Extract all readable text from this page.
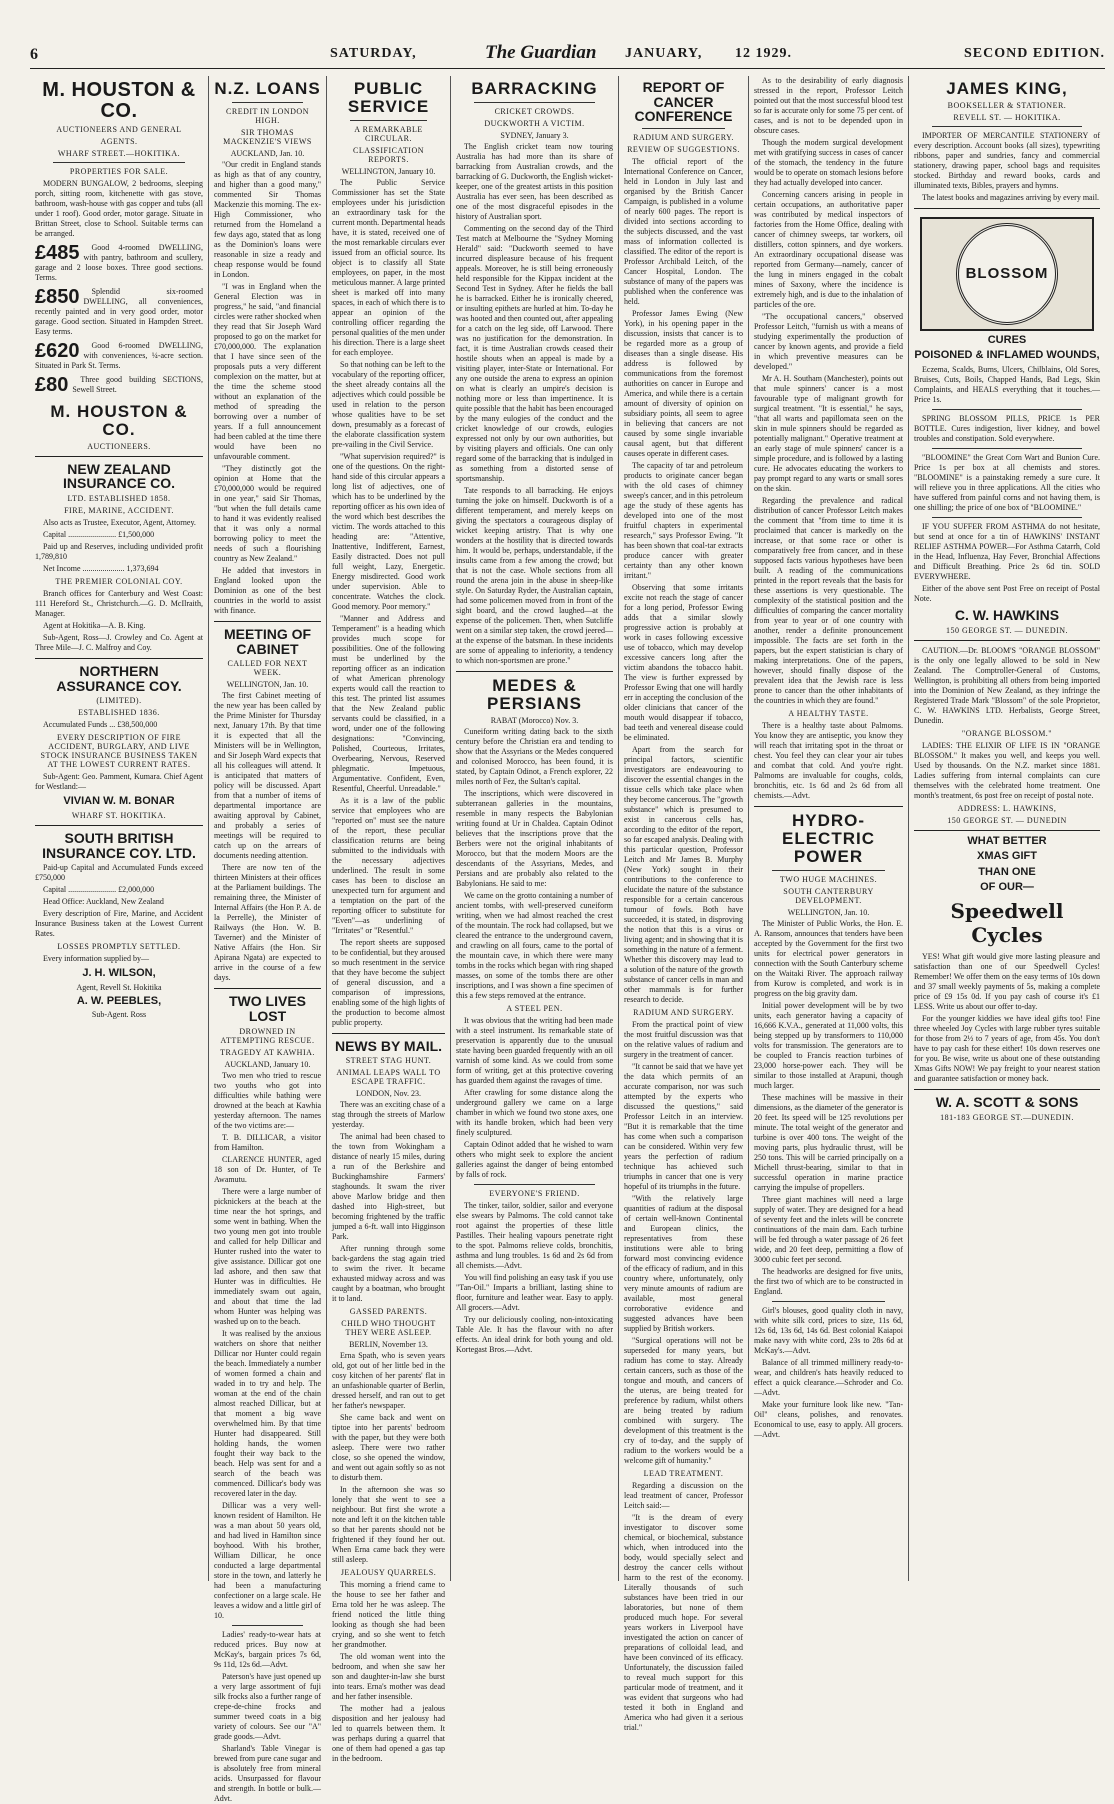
6	SATURDAY,	The Guardian JANUARY, 12 1929.	SECOND EDITION.
M. HOUSTON & CO.
AUCTIONEERS AND GENERAL
AGENTS.
WHARF STREET.—HOKITIKA.
PROPERTIES FOR SALE.

MODERN BUNGALOW, 2 bedrooms, sleeping porch, sitting room, kitchenette with gas stove, bathroom, wash-house with gas copper and tubs (all under 1 roof). Good order, motor garage. Situate in Brittan Street, close to School. Suitable terms can be arranged.

£485	Good 4-roomed DWELLING, with pantry, bathroom and scullery, garage and 2 loose boxes. Three good sections. Terms.

£850	Splendid six-roomed DWELLING, all conveniences, recently painted and in very good order, motor garage. Good section. Situated in Hampden Street. Easy terms.

£620	Good 6-roomed DWELLING, with conveniences, ¼-acre section. Situated in Park St. Terms.

£80	Three good building SECTIONS, Sewell Street.

M. HOUSTON & CO.
AUCTIONEERS.
NEW ZEALAND INSURANCE CO.
LTD. ESTABLISHED 1858.
FIRE, MARINE, ACCIDENT.

Also acts as Trustee, Executor, Agent, Attorney.

Capital ........................ £1,500,000

Paid up and Reserves, including undivided profit 1,789,810

Net Income ..................... 1,373,694

THE PREMIER COLONIAL COY.

Branch offices for Canterbury and West Coast: 111 Hereford St., Christchurch.—G. D. McIlraith, Manager.

Agent at Hokitika—A. B. King.

Sub-Agent, Ross—J. Crowley and Co. Agent at Three Mile—J. C. Malfroy and Coy.

NORTHERN ASSURANCE COY.
(LIMITED).
ESTABLISHED 1836.

Accumulated Funds ... £38,500,000

EVERY DESCRIPTION OF FIRE ACCIDENT, BURGLARY, AND LIVE STOCK INSURANCE BUSINESS TAKEN AT THE LOWEST CURRENT RATES.

Sub-Agent: Geo. Pamment, Kumara. Chief Agent for Westland:—

VIVIAN W. M. BONAR
WHARF ST. HOKITIKA.
SOUTH BRITISH INSURANCE COY. LTD.

Paid-up Capital and Accumulated Funds exceed £750,000

Capital ........................ £2,000,000

Head Office: Auckland, New Zealand

Every description of Fire, Marine, and Accident Insurance Business taken at the Lowest Current Rates.

LOSSES PROMPTLY SETTLED.

Every information supplied by—

J. H. WILSON,
Agent, Revell St. Hokitika
A. W. PEEBLES,
Sub-Agent. Ross
N.Z. LOANS
CREDIT IN LONDON HIGH.
SIR THOMAS MACKENZIE'S VIEWS
AUCKLAND, Jan. 10.

"Our credit in England stands as high as that of any country, and higher than a good many," commented Sir Thomas Mackenzie this morning. The ex-High Commissioner, who returned from the Homeland a few days ago, stated that as long as the Dominion's loans were reasonable in size a ready and cheap response would be found in London.

"I was in England when the General Election was in progress," he said, "and financial circles were rather shocked when they read that Sir Joseph Ward proposed to go on the market for £70,000,000. The explanation that I have since seen of the proposals puts a very different complexion on the matter, but at the time the scheme stood without an explanation of the method of spreading the borrowing over a number of years. If a full announcement had been cabled at the time there would have been no unfavourable comment.

"They distinctly got the opinion at Home that the £70,000,000 would be required in one year," said Sir Thomas, "but when the full details came to hand it was evidently realised that it was only a normal borrowing policy to meet the needs of such a flourishing country as New Zealand."

He added that investors in England looked upon the Dominion as one of the best countries in the world to assist with finance.

MEETING OF CABINET
CALLED FOR NEXT WEEK.
WELLINGTON, Jan. 10.

The first Cabinet meeting of the new year has been called by the Prime Minister for Thursday next, January 17th. By that time it is expected that all the Ministers will be in Wellington, and Sir Joseph Ward expects that all his colleagues will attend. It is anticipated that matters of policy will be discussed. Apart from that a number of items of departmental importance are awaiting approval by Cabinet, and probably a series of meetings will be required to catch up on the arrears of documents needing attention.

There are now ten of the thirteen Ministers at their offices at the Parliament buildings. The remaining three, the Minister of Internal Affairs (the Hon P. A. de la Perrelle), the Minister of Railways (the Hon. W. B. Taverner) and the Minister of Native Affairs (the Hon. Sir Apirana Ngata) are expected to arrive in the course of a few days.

TWO LIVES LOST
DROWNED IN ATTEMPTING RESCUE.
TRAGEDY AT KAWHIA.
AUCKLAND, January 10.

Two men who tried to rescue two youths who got into difficulties while bathing were drowned at the beach at Kawhia yesterday afternoon. The names of the two victims are:—

T. B. DILLICAR, a visitor from Hamilton.

CLARENCE HUNTER, aged 18 son of Dr. Hunter, of Te Awamutu.

There were a large number of picknickers at the beach at the time near the hot springs, and some went in bathing. When the two young men got into trouble and called for help Dillicar and Hunter rushed into the water to give assistance. Dillicar got one lad ashore, and then saw that Hunter was in difficulties. He immediately swam out again, and about that time the lad whom Hunter was helping was washed up on to the beach.

It was realised by the anxious watchers on shore that neither Dillicar nor Hunter could regain the beach. Immediately a number of women formed a chain and waded in to try and help. The woman at the end of the chain almost reached Dillicar, but at that moment a big wave overwhelmed him. By that time Hunter had disappeared. Still holding hands, the women fought their way back to the beach. Help was sent for and a search of the beach was commenced. Dillicar's body was recovered later in the day.

Dillicar was a very well-known resident of Hamilton. He was a man about 50 years old, and had lived in Hamilton since boyhood. With his brother, William Dillicar, he once conducted a large departmental store in the town, and latterly he had been a manufacturing confectioner on a large scale. He leaves a widow and a little girl of 10.

Ladies' ready-to-wear hats at reduced prices. Buy now at McKay's, bargain prices 7s 6d, 9s 11d, 12s 6d.—Advt.

Paterson's have just opened up a very large assortment of fuji silk frocks also a further range of crepe-de-chine frocks and summer tweed coats in a big variety of colours. See our "A" grade goods.—Advt.

Sharland's Table Vinegar is brewed from pure cane sugar and is absolutely free from mineral acids. Unsurpassed for flavour and strength. In bottle or bulk.—Advt.

PUBLIC SERVICE
A REMARKABLE CIRCULAR.
CLASSIFICATION REPORTS.
WELLINGTON, January 10.

The Public Service Commissioner has set the State employees under his jurisdiction an extraordinary task for the current month. Departmental heads have, it is stated, received one of the most remarkable circulars ever issued from an official source. Its object is to classify all State employees, on paper, in the most meticulous manner. A large printed sheet is marked off into many spaces, in each of which there is to appear an opinion of the controlling officer regarding the personal qualities of the men under his direction. There is a large sheet for each employee.

So that nothing can be left to the vocabulary of the reporting officer, the sheet already contains all the adjectives which could possible be used in relation to the person whose qualities have to be set down, presumably as a forecast of the elaborate classification system pre-vailing in the Civil Service.

"What supervision required?" is one of the questions. On the right-hand side of this circular appears a long list of adjectives, one of which has to be underlined by the reporting officer as his own idea of the word which best describes the victim. The words attached to this heading are: "Attentive, Inattentive, Indifferent, Earnest, Easily distracted. Does not pull full weight, Lazy, Energetic. Energy misdirected. Good work under supervision. Able to concentrate. Watches the clock. Good memory. Poor memory."

"Manner and Address and Temperament" is a heading which provides much scope for possibilities. One of the following must be underlined by the reporting officer as an indication of what American phrenology experts would call the reaction to this test. The printed list assumes that the New Zealand public servants could be classified, in a word, under one of the following designations: "Convincing, Polished, Courteous, Irritates, Overbearing, Nervous, Reserved phlegmatic. Impetuous, Argumentative. Confident, Even, Resentful, Cheerful. Unreadable."

As it is a law of the public service that employees who are "reported on" must see the nature of the report, these peculiar classification returns are being submitted to the individuals with the necessary adjectives underlined. The result in some cases has been to disclose an unexpected turn for argument and a temptation on the part of the reporting officer to substitute for "Even"—as underlining of "Irritates" or "Resentful."

The report sheets are supposed to be confidential, but they aroused so much resentment in the service that they have become the subject of general discussion, and a comparison of impressions, enabling some of the high lights of the production to become almost public property.

NEWS BY MAIL.
STREET STAG HUNT.
ANIMAL LEAPS WALL TO ESCAPE TRAFFIC.
LONDON, Nov. 23.

There was an exciting chase of a stag through the streets of Marlow yesterday.

The animal had been chased to the town from Wokingham a distance of nearly 15 miles, during a run of the Berkshire and Buckinghamshire Farmers' staghounds. It swam the river above Marlow bridge and then dashed into High-street, but becoming frightened by the traffic jumped a 6-ft. wall into Higginson Park.

After running through some back-gardens the stag again tried to swim the river. It became exhausted midway across and was caught by a boatman, who brought it to land.

GASSED PARENTS.
CHILD WHO THOUGHT THEY WERE ASLEEP.
BERLIN, November 13.

Erna Spath, who is seven years old, got out of her little bed in the cosy kitchen of her parents' flat in an unfashionable quarter of Berlin, dressed herself, and ran out to get her father's newspaper.

She came back and went on tiptoe into her parents' bedroom with the paper, but they were both asleep. There were two rather close, so she opened the window, and went out again softly so as not to disturb them.

In the afternoon she was so lonely that she went to see a neighbour. But first she wrote a note and left it on the kitchen table so that her parents should not be frightened if they found her out. When Erna came back they were still asleep.

JEALOUSY QUARRELS.

This morning a friend came to the house to see her father and Erna told her he was asleep. The friend noticed the little thing looking as though she had been crying, and so she went to fetch her grandmother.

The old woman went into the bedroom, and when she saw her son and daughter-in-law she burst into tears. Erna's mother was dead and her father insensible.

The mother had a jealous disposition and her jealousy had led to quarrels between them. It was perhaps during a quarrel that one of them had opened a gas tap in the bedroom.

BARRACKING
CRICKET CROWDS.
DUCKWORTH A VICTIM.
SYDNEY, January 3.

The English cricket team now touring Australia has had more than its share of barracking from Australian crowds, and the barracking of G. Duckworth, the English wicket-keeper, one of the greatest artists in this position Australia has ever seen, has been described as one of the most disgraceful episodes in the history of Australian sport.

Commenting on the second day of the Third Test match at Melbourne the "Sydney Morning Herald" said: "Duckworth seemed to have incurred displeasure because of his frequent appeals. Moreover, he is still being erroneously held responsible for the Kippax incident at the Second Test in Sydney. After he fields the ball he is barracked. Either he is ironically cheered, or insulting epithets are hurled at him. To-day he was hooted and then counted out, after appealing for a catch on the leg side, off Larwood. There was no justification for the demonstration. In fact, it is time Australian crowds ceased their hostile shouts when an appeal is made by a visiting player, inter-State or International. For any one outside the arena to express an opinion on what is clearly an umpire's decision is nothing more or less than impertinence. It is quite possible that the habit has been encouraged by the many eulogies of the conduct and the cricket knowledge of our crowds, eulogies expressed not only by our own authorities, but by visiting players and officials. One can only regard some of the barracking that is indulged in as something from a distorted sense of sportsmanship.

Tate responds to all barracking. He enjoys turning the joke on himself. Duckworth is of a different temperament, and merely keeps on giving the spectators a courageous display of wicket keeping artistry. That is why one wonders at the hostility that is directed towards him. It would be, perhaps, understandable, if the insults came from a few among the crowd; but that is not the case. Whole sections from all round the arena join in the abuse in sheep-like style. On Saturday Ryder, the Australian captain, had some policemen moved from in front of the sight board, and the crowd laughed—at the expense of the policemen. Then, when Sutcliffe went on a similar step taken, the crowd jeered—at the expense of the batsman. In these incidents are some of appealing to inferiority, a tendency to which non-sportsmen are prone."

MEDES & PERSIANS
RABAT (Morocco) Nov. 3.

Cuneiform writing dating back to the sixth century before the Christian era and tending to show that the Assyrians or the Medes conquered and colonised Morocco, has been found, it is stated, by Captain Odinot, a French explorer, 22 miles north of Fez, the Sultan's capital.

The inscriptions, which were discovered in subterranean galleries in the mountains, resemble in many respects the Babylonian writing found at Ur in Chaldea. Captain Odinot believes that the inscriptions prove that the Berbers were not the original inhabitants of Morocco, but that the modern Moors are the descendants of the Assyrians, Medes, and Persians and are probably also related to the Babylonians. He said to me:

We came on the grotto containing a number of ancient tombs, with well-preserved cuneiform writing, when we had almost reached the crest of the mountain. The rock had collapsed, but we cleared the entrance to the underground cavern, and crawling on all fours, came to the portal of the mountain cave, in which there were many tombs in the rocks which began with ring shaped masses, on some of the tombs there are other inscriptions, and I was shown a fine specimen of this a few steps removed at the entrance.

A STEEL PEN.

It was obvious that the writing had been made with a steel instrument. Its remarkable state of preservation is apparently due to the unusual state having been guarded frequently with an oil varnish of some kind. As we could from some form of writing, get at this protective covering has guarded them against the ravages of time.

After crawling for some distance along the underground gallery we came on a large chamber in which we found two stone axes, one with its handle broken, which had been very finely sculptured.

Captain Odinot added that he wished to warn others who might seek to explore the ancient galleries against the danger of being entombed by falls of rock.

EVERYONE'S FRIEND.

The tinker, tailor, soldier, sailor and everyone else swears by Palmoms. The cold cannot take root against the properties of these little Pastilles. Their healing vapours penetrate right to the spot. Palmoms relieve colds, bronchitis, asthma and lung troubles. 1s 6d and 2s 6d from all chemists.—Advt.

You will find polishing an easy task if you use "Tan-Oil." Imparts a brilliant, lasting shine to floor, furniture and leather wear. Easy to apply. All grocers.—Advt.

Try our deliciously cooling, non-intoxicating Table Ale. It has the flavour with no after effects. An ideal drink for both young and old. Kortegast Bros.—Advt.

REPORT OF CANCER CONFERENCE
RADIUM AND SURGERY.
REVIEW OF SUGGESTIONS.

The official report of the International Conference on Cancer, held in London in July last and organised by the British Cancer Campaign, is published in a volume of nearly 600 pages. The report is divided into sections according to the subjects discussed, and the vast mass of information collected is classified. The editor of the report is Professor Archibald Leitch, of the Cancer Hospital, London. The substance of many of the papers was published when the conference was held.

Professor James Ewing (New York), in his opening paper in the discussion, insists that cancer is to be regarded more as a group of diseases than a single disease. His address is followed by communications from the foremost authorities on cancer in Europe and America, and while there is a certain amount of diversity of opinion on subsidiary points, all seem to agree in believing that cancers are not caused by some single invariable causal agent, but that different causes operate in different cases.

The capacity of tar and petroleum products to originate cancer began with the old cases of chimney sweep's cancer, and in this petroleum age the study of these agents has developed into one of the most fruitful chapters in experimental research," says Professor Ewing. "It has been shown that coal-tar extracts produce cancer with greater certainty than any other known irritant."

Observing that some irritants excite not reach the stage of cancer for a long period, Professor Ewing adds that a similar slowly progressive action is probably at work in cases following excessive use of tobacco, which may develop excessive cancers long after the victim abandons the tobacco habit. The view is further expressed by Professor Ewing that one will hardly err in accepting the conclusion of the older clinicians that cancer of the mouth would disappear if tobacco, bad teeth and venereal disease could be eliminated.

Apart from the search for principal factors, scientific investigators are endeavouring to discover the essential changes in the tissue cells which take place when they become cancerous. The "growth substance" which is presumed to exist in cancerous cells has, according to the editor of the report, so far escaped analysis. Dealing with this particular question, Professor Leitch and Mr James B. Murphy (New York) sought in their contributions to the conference to elucidate the nature of the substance responsible for a certain cancerous tumour of fowls. Both have succeeded, it is stated, in disproving the notion that this is a virus or living agent; and in showing that it is something in the nature of a ferment. Whether this discovery may lead to a solution of the nature of the growth substance of cancer cells in man and other mammals is for further research to decide.

RADIUM AND SURGERY.

From the practical point of view the most fruitful discussion was that on the relative values of radium and surgery in the treatment of cancer.

"It cannot be said that we have yet the data which permits of an accurate comparison, nor was such attempted by the experts who discussed the questions," said Professor Leitch in an interview. "But it is remarkable that the time has come when such a comparison can be considered. Within very few years the perfection of radium technique has achieved such triumphs in cancer that one is very hopeful of its triumphs in the future.

"With the relatively large quantities of radium at the disposal of certain well-known Continental and European clinics, the representatives from these institutions were able to bring forward most convincing evidence of the efficacy of radium, and in this country where, unfortunately, only very minute amounts of radium are available, most general corroborative evidence and suggested advances have been supplied by British workers.

"Surgical operations will not be superseded for many years, but radium has come to stay. Already certain cancers, such as those of the tongue and mouth, and cancers of the uterus, are being treated for preference by radium, whilst others are being treated by radium combined with surgery. The development of this treatment is the cry of to-day, and the supply of radium to the workers would be a welcome gift of humanity."

LEAD TREATMENT.

Regarding a discussion on the lead treatment of cancer, Professor Leitch said:—

"It is the dream of every investigator to discover some chemical, or biochemical, substance which, when introduced into the body, would specially select and destroy the cancer cells without harm to the rest of the economy. Literally thousands of such substances have been tried in our laboratories, but none of them produced much hope. For several years workers in Liverpool have investigated the action on cancer of preparations of colloidal lead, and have been convinced of its efficacy. Unfortunately, the discussion failed to reveal much support for this particular mode of treatment, and it was evident that surgeons who had tested it both in England and America who had given it a serious trial."

As to the desirability of early diagnosis stressed in the report, Professor Leitch pointed out that the most successful blood test so far is accurate only for some 75 per cent. of cases, and is not to be depended upon in obscure cases.

Though the modern surgical development met with gratifying success in cases of cancer of the stomach, the tendency in the future would be to operate on stomach lesions before they had actually developed into cancer.

Concerning cancers arising in people in certain occupations, an authoritative paper was contributed by medical inspectors of factories from the Home Office, dealing with cancer of chimney sweeps, tar workers, oil distillers, cotton spinners, and dye workers. An extraordinary occupational disease was reported from Germany—namely, cancer of the lung in miners engaged in the cobalt mines of Saxony, where the incidence is extremely high, and is due to the inhalation of particles of the ore.

"The occupational cancers," observed Professor Leitch, "furnish us with a means of studying experimentally the production of cancer by known agents, and provide a field in which preventive measures can be developed."

Mr A. H. Southam (Manchester), points out that mule spinners' cancer is a most favourable type of malignant growth for surgical treatment. "It is essential," he says, "that all warts and papillomata seen on the skin in mule spinners should be regarded as potentially malignant." Operative treatment at an early stage of mule spinners' cancer is a simple procedure, and is followed by a lasting cure. He advocates educating the workers to pay prompt regard to any warts or small sores on the skin.

Regarding the prevalence and radical distribution of cancer Professor Leitch makes the comment that "from time to time it is proclaimed that cancer is markedly on the increase, or that some race or other is comparatively free from cancer, and in these supposed facts various hypotheses have been built. A reading of the communications printed in the report reveals that the basis for these assertions is very questionable. The complexity of the statistical position and the difficulties of comparing the cancer mortality from year to year or of one country with another, render a definite pronouncement impossible. The facts are set forth in the papers, but the expert statistician is chary of making interpretations. One of the papers, however, should finally dispose of the prevalent idea that the Jewish race is less prone to cancer than the other inhabitants of the countries in which they are found."

A HEALTHY TASTE.

There is a healthy taste about Palmoms. You know they are antiseptic, you know they will reach that irritating spot in the throat or chest. You feel they can clear your air tubes and combat that cold. And you're right. Palmoms are invaluable for coughs, colds, bronchitis, etc. 1s 6d and 2s 6d from all chemists.—Advt.

HYDRO-ELECTRIC POWER
TWO HUGE MACHINES.
SOUTH CANTERBURY DEVELOPMENT.
WELLINGTON, Jan. 10.

The Minister of Public Works, the Hon. E. A. Ransom, announces that tenders have been accepted by the Government for the first two units for electrical power generators in connection with the South Canterbury scheme on the Waitaki River. The approach railway from Kurow is completed, and work is in progress on the big gravity dam.

Initial power development will be by two units, each generator having a capacity of 16,666 K.V.A., generated at 11,000 volts, this being stepped up by transformers to 110,000 volts for transmission. The generators are to be coupled to Francis reaction turbines of 23,000 horse-power each. They will be similar to those installed at Arapuni, though much larger.

These machines will be massive in their dimensions, as the diameter of the generator is 20 feet. Its speed will be 125 revolutions per minute. The total weight of the generator and turbine is over 400 tons. The weight of the moving parts, plus hydraulic thrust, will be 250 tons. This will be carried principally on a Michell thrust-bearing, similar to that in successful operation in marine practice carrying the impulse of propellers.

Three giant machines will need a large supply of water. They are designed for a head of seventy feet and the inlets will be concrete continuations of the main dam. Each turbine will be fed through a water passage of 26 feet wide, and 20 feet deep, permitting a flow of 3000 cubic feet per second.

The headworks are designed for five units, the first two of which are to be constructed in England.

Girl's blouses, good quality cloth in navy, with white silk cord, prices to size, 11s 6d, 12s 6d, 13s 6d, 14s 6d. Best colonial Kaiapoi make navy with white cord, 23s to 28s 6d at McKay's.—Advt.

Balance of all trimmed millinery ready-to-wear, and children's hats heavily reduced to effect a quick clearance.—Schroder and Co.—Advt.

Make your furniture look like new. "Tan-Oil" cleans, polishes, and renovates. Economical to use, easy to apply. All grocers.—Advt.

JAMES KING,
BOOKSELLER & STATIONER.
REVELL ST. — HOKITIKA.

IMPORTER OF MERCANTILE STATIONERY of every description. Account books (all sizes), typewriting ribbons, paper and sundries, fancy and commercial stationery, drawing paper, school bags and requisites stocked. Birthday and reward books, cards and illuminated texts, Bibles, prayers and hymns.

The latest books and magazines arriving by every mail.

BLOSSOM
CURES
POISONED & INFLAMED WOUNDS,

Eczema, Scalds, Burns, Ulcers, Chilblains, Old Sores, Bruises, Cuts, Boils, Chapped Hands, Bad Legs, Skin Complaints, and HEALS everything that it touches.—Price 1s.

SPRING BLOSSOM PILLS, PRICE 1s PER BOTTLE. Cures indigestion, liver kidney, and bowel troubles and constipation. Sold everywhere.

"BLOOMINE" the Great Corn Wart and Bunion Cure. Price 1s per box at all chemists and stores. "BLOOMINE" is a painstaking remedy a sure cure. It will relieve you in three applications. All the cities who have suffered from painful corns and not having them, is one shilling; the price of one box of "BLOOMINE."

IF YOU SUFFER FROM ASTHMA do not hesitate, but send at once for a tin of HAWKINS' INSTANT RELIEF ASTHMA POWER—For Asthma Catarrh, Cold in the Head, Influenza, Hay Fever, Bronchial Affections and Difficult Breathing. Price 2s 6d tin. SOLD EVERYWHERE.

Either of the above sent Post Free on receipt of Postal Note.

C. W. HAWKINS
150 GEORGE ST. — DUNEDIN.

CAUTION.—Dr. BLOOM'S "ORANGE BLOSSOM" is the only one legally allowed to be sold in New Zealand. The Comptroller-General of Customs, Wellington, is prohibiting all others from being imported into the Dominion of New Zealand, as they infringe the Registered Trade Mark "Blossom" of the sole Proprietor, C. W. HAWKINS LTD. Herbalists, George Street, Dunedin.

"ORANGE BLOSSOM."

LADIES: THE ELIXIR OF LIFE IS IN "ORANGE BLOSSOM." It makes you well, and keeps you well. Used by thousands. On the N.Z. market since 1881. Ladies suffering from internal complaints can cure themselves with the celebrated home treatment. One month's treatment, 6s post free on receipt of postal note.

ADDRESS: L. HAWKINS,
150 GEORGE ST. — DUNEDIN
WHAT BETTER
XMAS GIFT
THAN ONE
OF OUR—
Speedwell Cycles

YES! What gift would give more lasting pleasure and satisfaction than one of our Speedwell Cycles! Remember! We offer them on the easy terms of 10s down and 37 small weekly payments of 5s, making a complete price of £9 15s 0d. If you pay cash of course it's £1 LESS. Write us about our offer to-day.

For the younger kiddies we have ideal gifts too! Fine three wheeled Joy Cycles with large rubber tyres suitable for those from 2½ to 7 years of age, from 45s. You don't have to pay cash for these either! 10s down reserves one for you. Be wise, write us about one of these outstanding Xmas Gifts NOW! We pay freight to your nearest station and guarantee satisfaction or money back.

W. A. SCOTT & SONS
181-183 GEORGE ST.—DUNEDIN.
